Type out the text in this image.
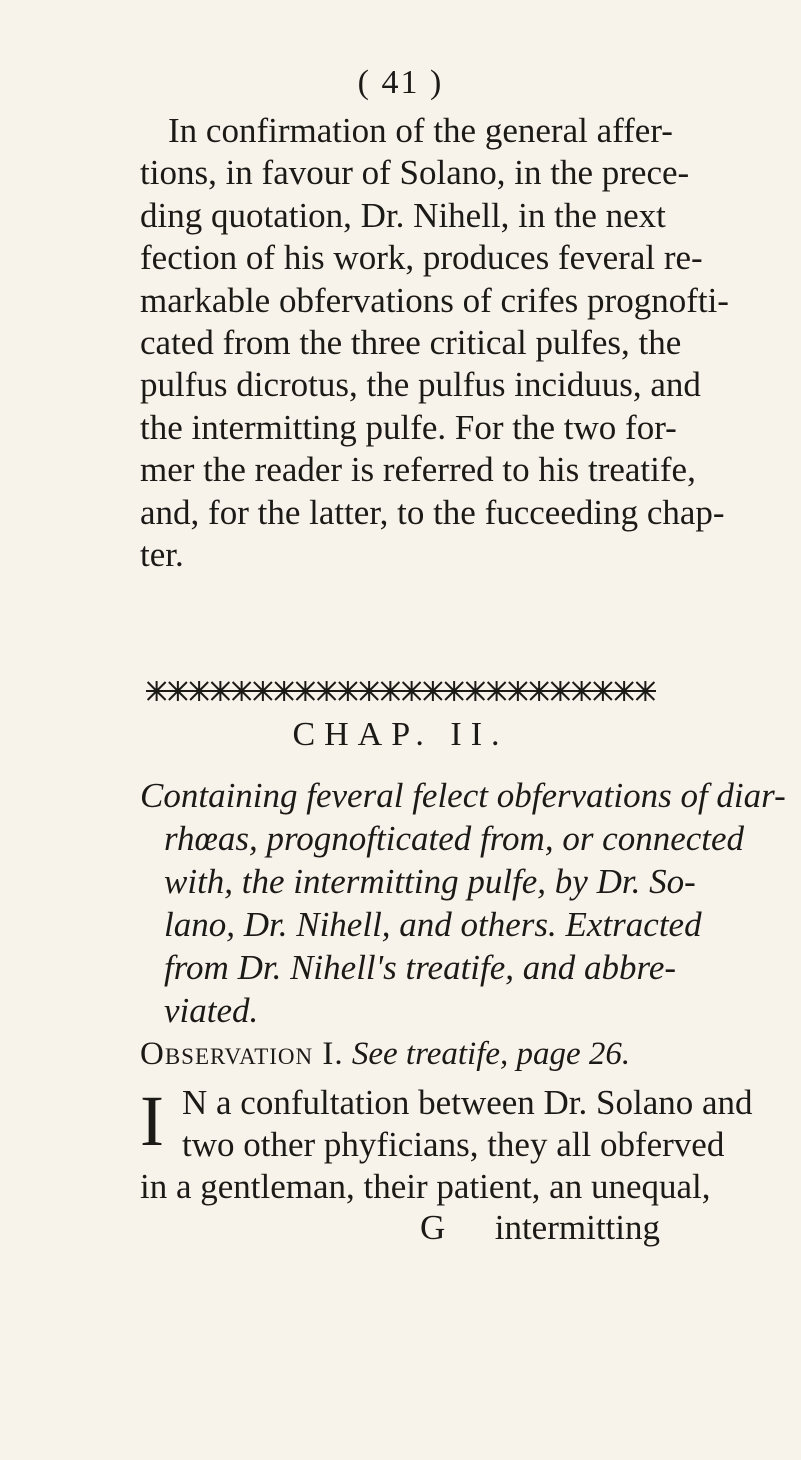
( 41 )
In confirmation of the general affer-
tions, in favour of Solano, in the prece-
ding quotation, Dr. Nihell, in the next
fection of his work, produces feveral re-
markable obfervations of crifes prognofti-
cated from the three critical pulfes, the
pulfus dicrotus, the pulfus inciduus, and
the intermitting pulfe. For the two for-
mer the reader is referred to his treatife,
and, for the latter, to the fucceeding chap-
ter.
CHAP. II.
Containing feveral felect obfervations of diar-
rhœas, prognofticated from, or connected
with, the intermitting pulfe, by Dr. So-
lano, Dr. Nihell, and others. Extracted
from Dr. Nihell's treatife, and abbre-
viated.
Observation I. See treatife, page 26.
I N a confultation between Dr. Solano and
two other phyficians, they all obferved
in a gentleman, their patient, an unequal,
G intermitting
